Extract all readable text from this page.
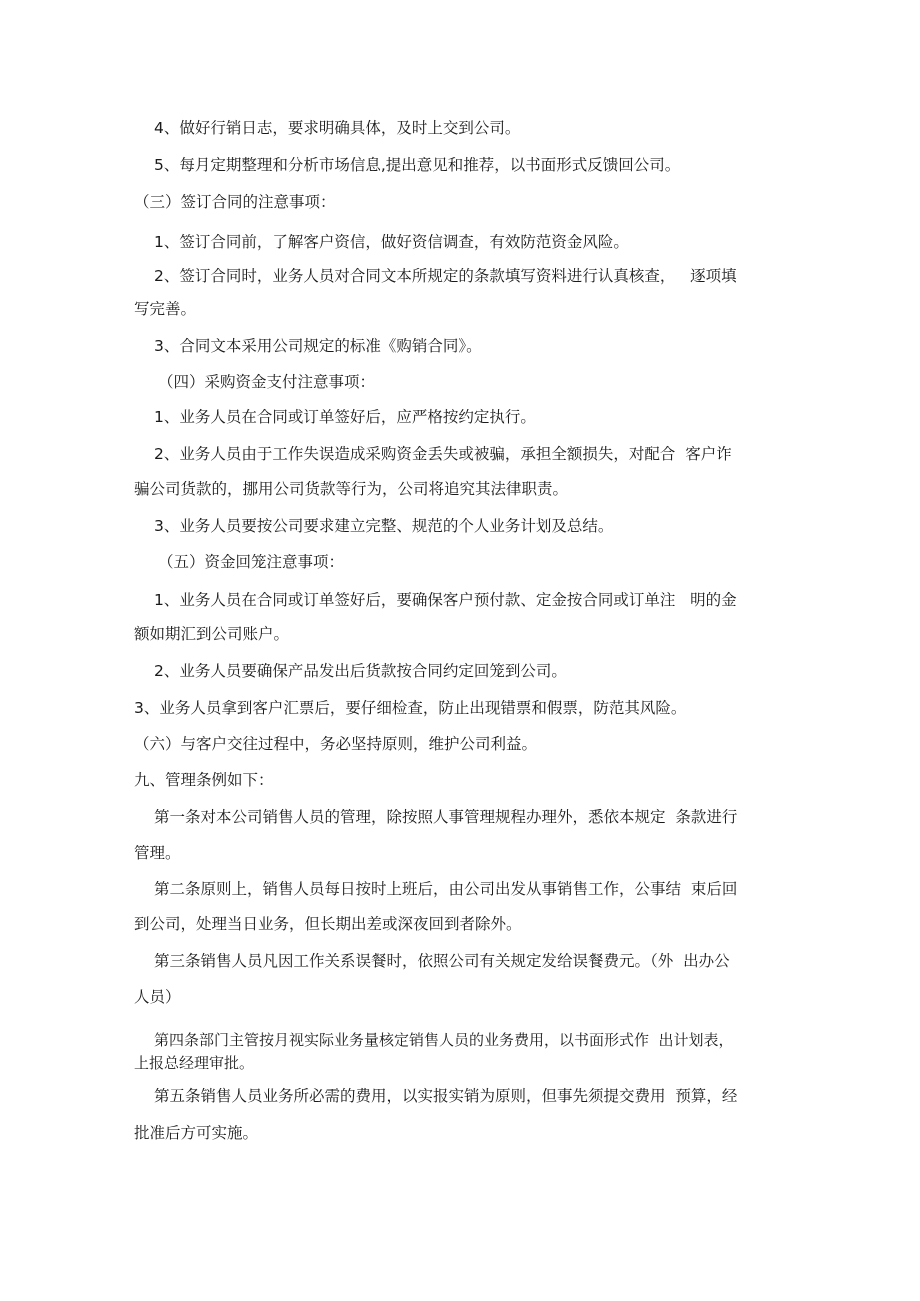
4、做好行销日志，要求明确具体，及时上交到公司。
5、每月定期整理和分析市场信息,提出意见和推荐，以书面形式反馈回公司。
（三）签订合同的注意事项：
1、签订合同前，了解客户资信，做好资信调查，有效防范资金风险。
2、签订合同时，业务人员对合同文本所规定的条款填写资料进行认真核查，   逐项填
写完善。
3、合同文本采用公司规定的标准《购销合同》。
（四）采购资金支付注意事项：
1、业务人员在合同或订单签好后，应严格按约定执行。
2、业务人员由于工作失误造成采购资金丢失或被骗，承担全额损失，对配合  客户诈
骗公司货款的，挪用公司货款等行为，公司将追究其法律职责。
3、业务人员要按公司要求建立完整、规范的个人业务计划及总结。
（五）资金回笼注意事项：
1、业务人员在合同或订单签好后，要确保客户预付款、定金按合同或订单注   明的金
额如期汇到公司账户。
2、业务人员要确保产品发出后货款按合同约定回笼到公司。
3、业务人员拿到客户汇票后，要仔细检查，防止出现错票和假票，防范其风险。
（六）与客户交往过程中，务必坚持原则，维护公司利益。
九、管理条例如下：
第一条对本公司销售人员的管理，除按照人事管理规程办理外，悉依本规定  条款进行
管理。
第二条原则上，销售人员每日按时上班后，由公司出发从事销售工作，公事结  束后回
到公司，处理当日业务，但长期出差或深夜回到者除外。
第三条销售人员凡因工作关系误餐时，依照公司有关规定发给误餐费元。（外  出办公
人员）
第四条部门主管按月视实际业务量核定销售人员的业务费用，以书面形式作  出计划表，
上报总经理审批。
第五条销售人员业务所必需的费用，以实报实销为原则，但事先须提交费用  预算，经
批准后方可实施。
